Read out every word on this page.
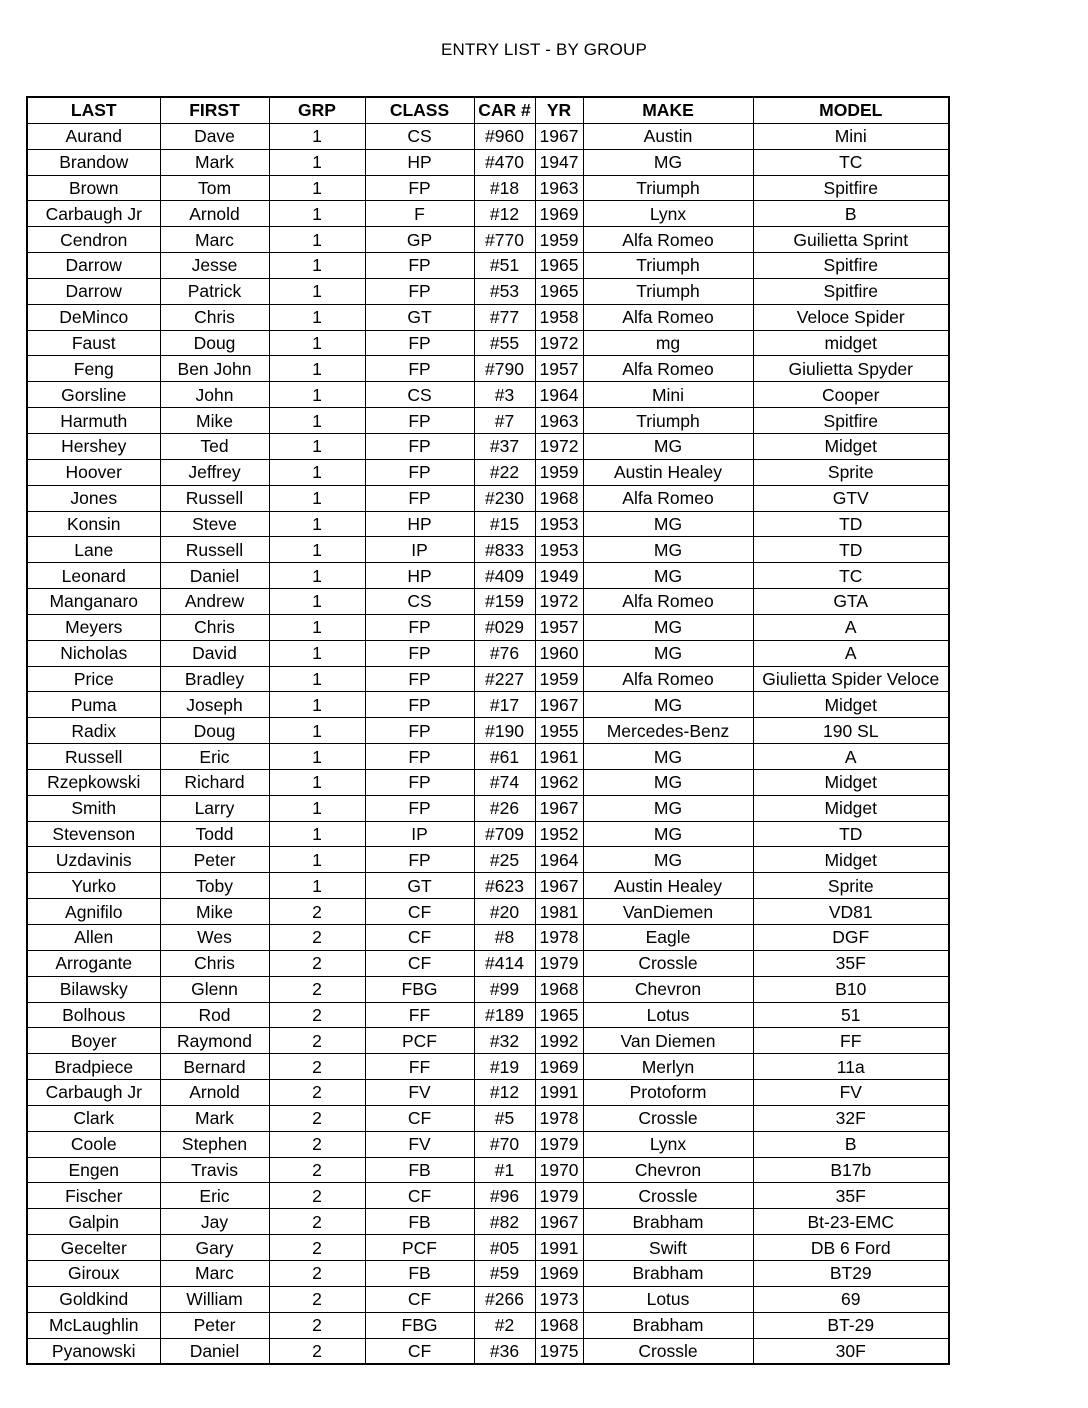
ENTRY LIST - BY GROUP
LAST	FIRST	GRP	CLASS	CAR #	YR	MAKE	MODEL
Aurand	Dave	1	CS	#960	1967	Austin	Mini
Brandow	Mark	1	HP	#470	1947	MG	TC
Brown	Tom	1	FP	#18	1963	Triumph	Spitfire
Carbaugh Jr	Arnold	1	F	#12	1969	Lynx	B
Cendron	Marc	1	GP	#770	1959	Alfa Romeo	Guilietta Sprint
Darrow	Jesse	1	FP	#51	1965	Triumph	Spitfire
Darrow	Patrick	1	FP	#53	1965	Triumph	Spitfire
DeMinco	Chris	1	GT	#77	1958	Alfa Romeo	Veloce Spider
Faust	Doug	1	FP	#55	1972	mg	midget
Feng	Ben John	1	FP	#790	1957	Alfa Romeo	Giulietta Spyder
Gorsline	John	1	CS	#3	1964	Mini	Cooper
Harmuth	Mike	1	FP	#7	1963	Triumph	Spitfire
Hershey	Ted	1	FP	#37	1972	MG	Midget
Hoover	Jeffrey	1	FP	#22	1959	Austin Healey	Sprite
Jones	Russell	1	FP	#230	1968	Alfa Romeo	GTV
Konsin	Steve	1	HP	#15	1953	MG	TD
Lane	Russell	1	IP	#833	1953	MG	TD
Leonard	Daniel	1	HP	#409	1949	MG	TC
Manganaro	Andrew	1	CS	#159	1972	Alfa Romeo	GTA
Meyers	Chris	1	FP	#029	1957	MG	A
Nicholas	David	1	FP	#76	1960	MG	A
Price	Bradley	1	FP	#227	1959	Alfa Romeo	Giulietta Spider Veloce
Puma	Joseph	1	FP	#17	1967	MG	Midget
Radix	Doug	1	FP	#190	1955	Mercedes-Benz	190 SL
Russell	Eric	1	FP	#61	1961	MG	A
Rzepkowski	Richard	1	FP	#74	1962	MG	Midget
Smith	Larry	1	FP	#26	1967	MG	Midget
Stevenson	Todd	1	IP	#709	1952	MG	TD
Uzdavinis	Peter	1	FP	#25	1964	MG	Midget
Yurko	Toby	1	GT	#623	1967	Austin Healey	Sprite
Agnifilo	Mike	2	CF	#20	1981	VanDiemen	VD81
Allen	Wes	2	CF	#8	1978	Eagle	DGF
Arrogante	Chris	2	CF	#414	1979	Crossle	35F
Bilawsky	Glenn	2	FBG	#99	1968	Chevron	B10
Bolhous	Rod	2	FF	#189	1965	Lotus	51
Boyer	Raymond	2	PCF	#32	1992	Van Diemen	FF
Bradpiece	Bernard	2	FF	#19	1969	Merlyn	11a
Carbaugh Jr	Arnold	2	FV	#12	1991	Protoform	FV
Clark	Mark	2	CF	#5	1978	Crossle	32F
Coole	Stephen	2	FV	#70	1979	Lynx	B
Engen	Travis	2	FB	#1	1970	Chevron	B17b
Fischer	Eric	2	CF	#96	1979	Crossle	35F
Galpin	Jay	2	FB	#82	1967	Brabham	Bt-23-EMC
Gecelter	Gary	2	PCF	#05	1991	Swift	DB 6 Ford
Giroux	Marc	2	FB	#59	1969	Brabham	BT29
Goldkind	William	2	CF	#266	1973	Lotus	69
McLaughlin	Peter	2	FBG	#2	1968	Brabham	BT-29
Pyanowski	Daniel	2	CF	#36	1975	Crossle	30F
